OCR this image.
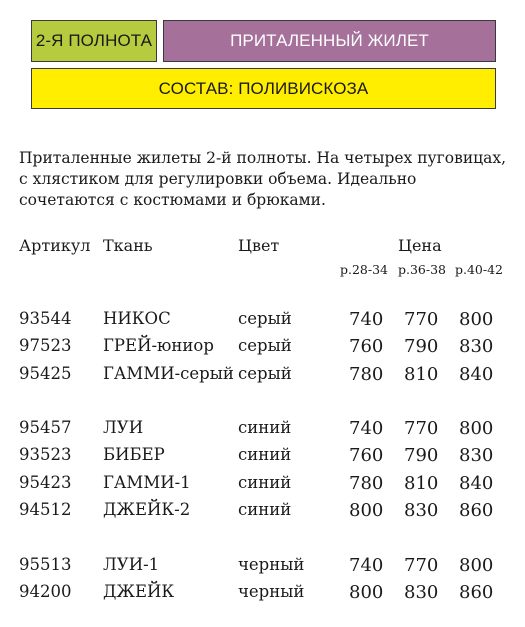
2-Я ПОЛНОТА	ПРИТАЛЕННЫЙ ЖИЛЕТ
СОСТАВ: ПОЛИВИСКОЗА

Приталенные жилеты 2-й полноты. На четырех пуговицах, с хлястиком для регулировки объема. Идеально сочетаются с костюмами и брюками.

Артикул Ткань	Цвет	Цена
р.28-34 р.36-38 р.40-42
93544 НИКОС	серый	740 770 800
97523 ГРЕЙ-юниор серый	760 790 830
95425 ГАММИ-серый серый	780 810 840
95457 ЛУИ	синий	740 770 800
93523 БИБЕР	синий	760 790 830
95423 ГАММИ-1	синий	780 810 840
94512 ДЖЕЙК-2	синий	800 830 860
95513 ЛУИ-1	черный 740 770 800
94200 ДЖЕЙК	черный 800 830 860
